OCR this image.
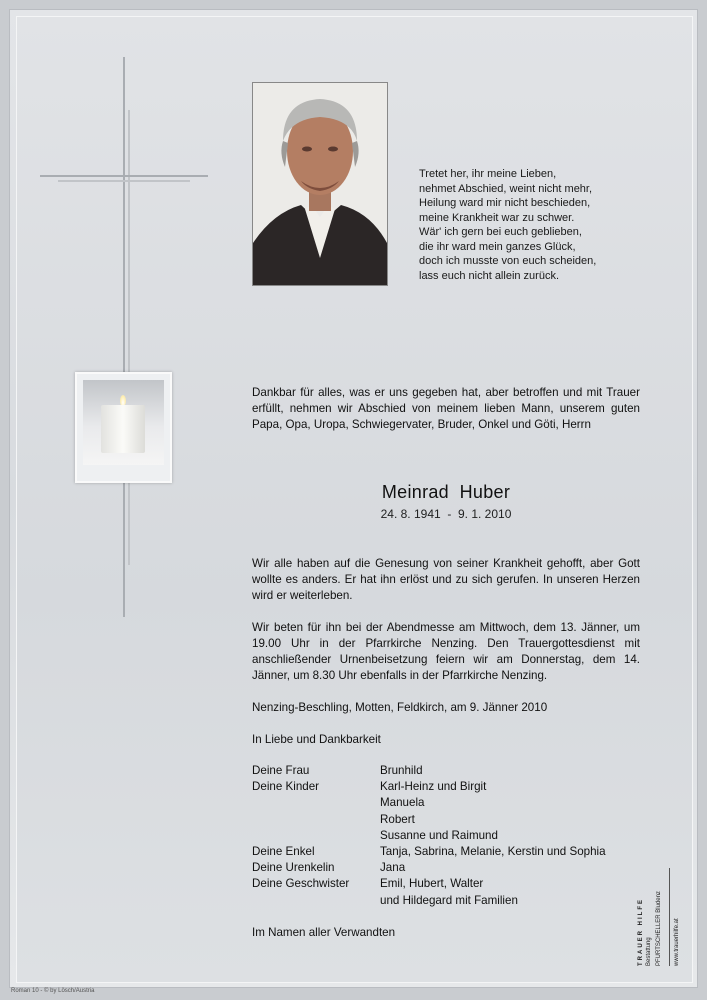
Tretet her, ihr meine Lieben,
nehmet Abschied, weint nicht mehr,
Heilung ward mir nicht beschieden,
meine Krankheit war zu schwer.
Wär' ich gern bei euch geblieben,
die ihr ward mein ganzes Glück,
doch ich musste von euch scheiden,
lass euch nicht allein zurück.
Dankbar für alles, was er uns gegeben hat, aber betroffen und mit Trauer erfüllt, nehmen wir Abschied von meinem lieben Mann, unserem guten Papa, Opa, Uropa, Schwiegervater, Bruder, Onkel und Göti, Herrn
Meinrad  Huber
24. 8. 1941  -  9. 1. 2010
Wir alle haben auf die Genesung von seiner Krankheit gehofft, aber Gott wollte es anders. Er hat ihn erlöst und zu sich gerufen. In unseren Herzen wird er weiterleben.
Wir beten für ihn bei der Abendmesse am Mittwoch, dem 13. Jänner, um 19.00 Uhr in der Pfarrkirche Nenzing. Den Trauergottesdienst mit anschließender Urnenbeisetzung feiern wir am Donnerstag, dem 14. Jänner, um 8.30 Uhr ebenfalls in der Pfarrkirche Nenzing.
Nenzing-Beschling, Motten, Feldkirch, am 9. Jänner 2010
In Liebe und Dankbarkeit
Deine Frau	Brunhild
Deine Kinder	Karl-Heinz und Birgit
Manuela
Robert
Susanne und Raimund
Deine Enkel	Tanja, Sabrina, Melanie, Kerstin und Sophia
Deine Urenkelin	Jana
Deine Geschwister	Emil, Hubert, Walter
und Hildegard mit Familien
Im Namen aller Verwandten	TRAUER HILFE Bestattung PFURTSCHELLER Bludenz www.trauerhilfe.at
Roman 10 - © by Lösch/Austria
